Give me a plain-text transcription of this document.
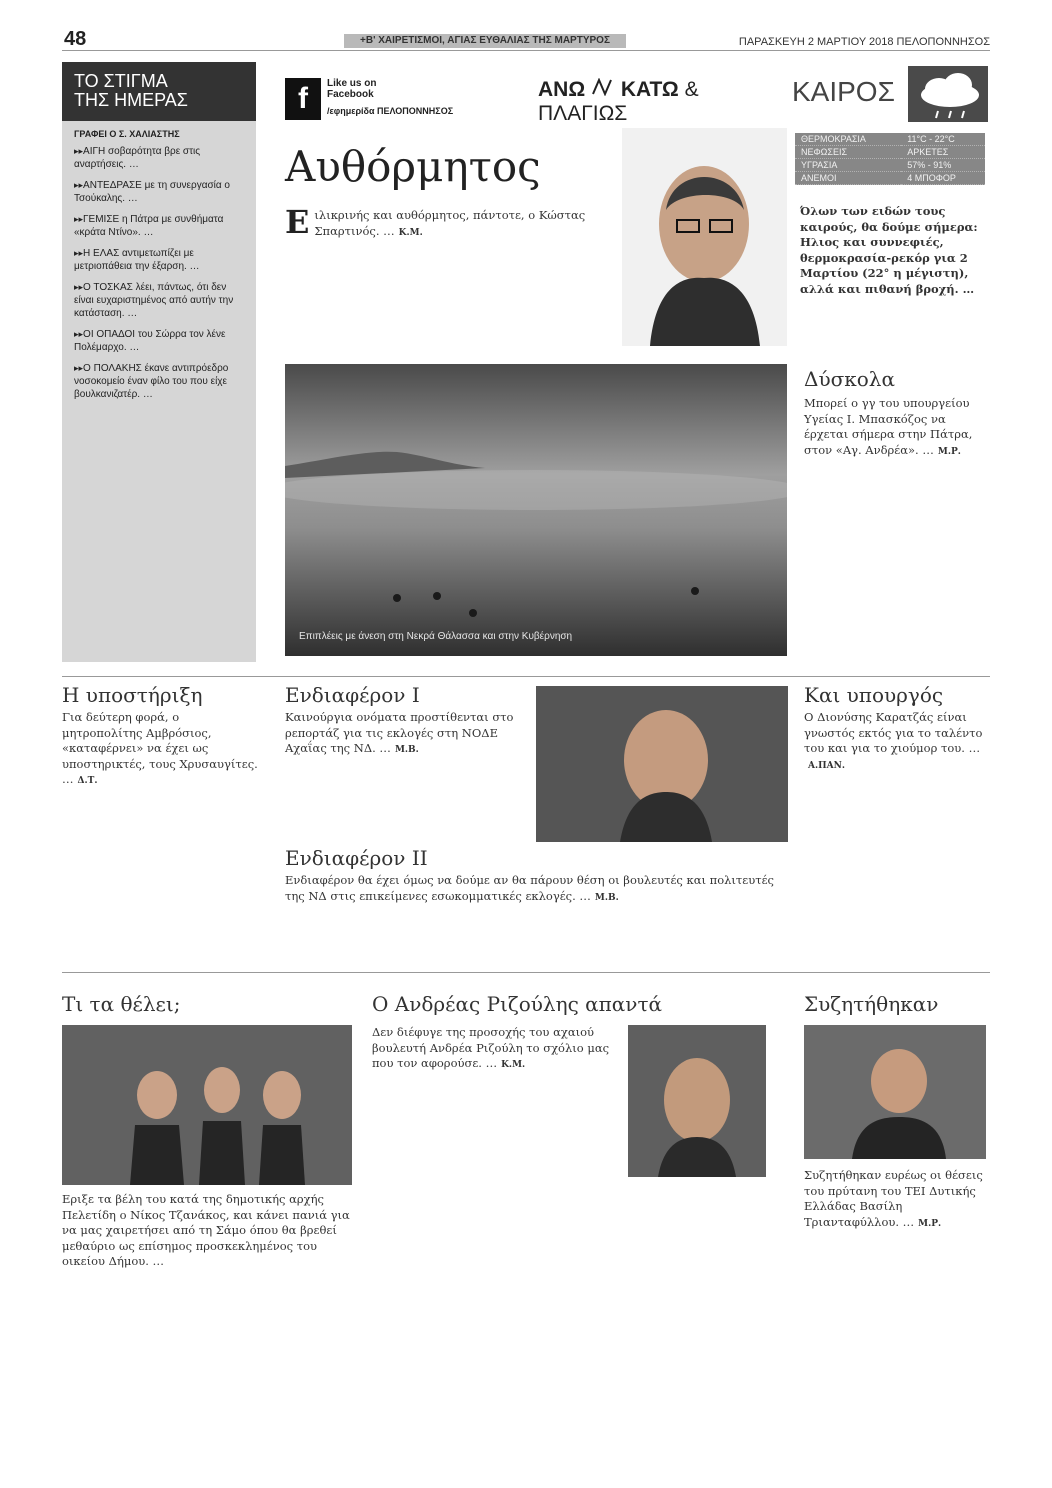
48	+Β' ΧΑΙΡΕΤΙΣΜΟΙ, ΑΓΙΑΣ ΕΥΘΑΛΙΑΣ ΤΗΣ ΜΑΡΤΥΡΟΣ	ΠΑΡΑΣΚΕΥΗ 2 ΜΑΡΤΙΟΥ 2018 ΠΕΛΟΠΟΝΝΗΣΟΣ
ΤΟ ΣΤΙΓΜΑ
ΤΗΣ ΗΜΕΡΑΣ
ΓΡΑΦΕΙ Ο Σ. ΧΑΛΙΑΣΤΗΣ
▸▸ ΑΙΓΗ σοβαρότητα βρε στις αναρτήσεις. …
▸▸ ΑΝΤΕΔΡΑΣΕ με τη συνεργασία ο Τσούκαλης. …
▸▸ ΓΕΜΙΣΕ η Πάτρα με συνθήματα «κράτα Ντίνο». …
▸▸ Η ΕΛΑΣ αντιμετωπίζει με μετριοπάθεια την έξαρση. …
▸▸ Ο ΤΟΣΚΑΣ λέει, πάντως, ότι δεν είναι ευχαριστημένος από αυτήν την κατάσταση. …
▸▸ ΟΙ ΟΠΑΔΟΙ του Σώρρα τον λένε Πολέμαρχο. …
▸▸ Ο ΠΟΛΑΚΗΣ έκανε αντιπρόεδρο νοσοκομείο έναν φίλο του που είχε βουλκανιζατέρ. …
f	Like us on
Facebook
/εφημερίδα ΠΕΛΟΠΟΝΝΗΣΟΣ
ΑΝΩ ΚΑΤΩ & ΠΛΑΓΙΩΣ
Αυθόρμητος
Ε ιλικρινής και αυθόρμητος, πάντοτε, ο Κώστας Σπαρτινός. … Κ.Μ.

Επιπλέεις με άνεση στη Νεκρά Θάλασσα και στην Κυβέρνηση
ΚΑΙΡΟΣ
ΘΕΡΜΟΚΡΑΣΙΑ	11°C - 22°C
ΝΕΦΩΣΕΙΣ	ΑΡΚΕΤΕΣ
ΥΓΡΑΣΙΑ	57% - 91%
ΑΝΕΜΟΙ	4 ΜΠΟΦΟΡ

Όλων των ειδών τους καιρούς, θα δούμε σήμερα: Ηλιος και συννεφιές, θερμοκρασία-ρεκόρ για 2 Μαρτίου (22° η μέγιστη), αλλά και πιθανή βροχή. …

Δύσκολα

Μπορεί ο γγ του υπουργείου Υγείας Ι. Μπασκόζος να έρχεται σήμερα στην Πάτρα, στον «Αγ. Ανδρέα». … Μ.Ρ.

Η υποστήριξη

Για δεύτερη φορά, ο μητροπολίτης Αμβρόσιος, «καταφέρνει» να έχει ως υποστηρικτές, τους Χρυσαυγίτες. … Δ.Τ.

Ενδιαφέρον Ι

Καινούργια ονόματα προστίθενται στο ρεπορτάζ για τις εκλογές στη ΝΟΔΕ Αχαΐας της ΝΔ. … Μ.Β.

Ενδιαφέρον ΙΙ

Ενδιαφέρον θα έχει όμως να δούμε αν θα πάρουν θέση οι βουλευτές και πολιτευτές της ΝΔ στις επικείμενες εσωκομματικές εκλογές. … Μ.Β.

Και υπουργός

Ο Διονύσης Καρατζάς είναι γνωστός εκτός για το ταλέντο του και για το χιούμορ του. …Α.ΠΑΝ.

Τι τα θέλει;

Εριξε τα βέλη του κατά της δημοτικής αρχής Πελετίδη ο Νίκος Τζανάκος, και κάνει πανιά για να μας χαιρετήσει από τη Σάμο όπου θα βρεθεί μεθαύριο ως επίσημος προσκεκλημένος του οικείου Δήμου. …

Ο Ανδρέας Ριζούλης απαντά

Δεν διέφυγε της προσοχής του αχαιού βουλευτή Ανδρέα Ριζούλη το σχόλιο μας που τον αφορούσε. … Κ.Μ.

Συζητήθηκαν

Συζητήθηκαν ευρέως οι θέσεις του πρύτανη του ΤΕΙ Δυτικής Ελλάδας Βασίλη Τριανταφύλλου. … Μ.Ρ.
